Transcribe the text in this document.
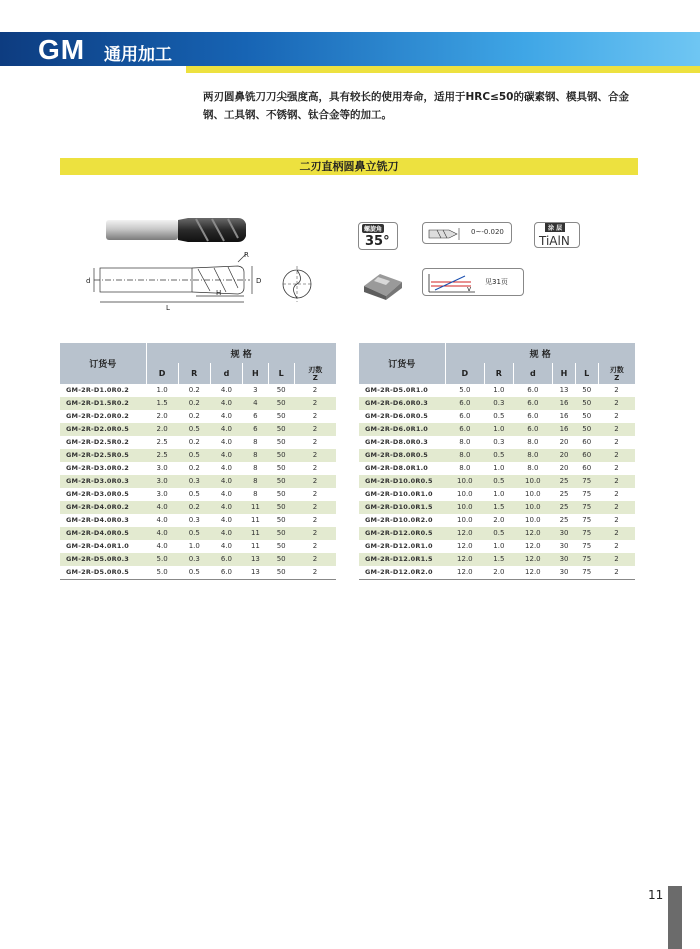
GM 通用加工
两刃圆鼻铣刀刀尖强度高，具有较长的使用寿命，适用于HRC≤50的碳素钢、模具钢、合金钢、工具钢、不锈钢、钛合金等的加工。
二刃直柄圆鼻立铣刀
d
R
D
H
L
螺旋角
35°
0~-0.020	涂 层
TiAlN
v
见31页
订货号	规 格					
	D	R	d	H	L	刃数
Z

GM-2R-D1.0R0.2	1.0	0.2	4.0	3	50	2
GM-2R-D1.5R0.2	1.5	0.2	4.0	4	50	2
GM-2R-D2.0R0.2	2.0	0.2	4.0	6	50	2
GM-2R-D2.0R0.5	2.0	0.5	4.0	6	50	2
GM-2R-D2.5R0.2	2.5	0.2	4.0	8	50	2
GM-2R-D2.5R0.5	2.5	0.5	4.0	8	50	2
GM-2R-D3.0R0.2	3.0	0.2	4.0	8	50	2
GM-2R-D3.0R0.3	3.0	0.3	4.0	8	50	2
GM-2R-D3.0R0.5	3.0	0.5	4.0	8	50	2
GM-2R-D4.0R0.2	4.0	0.2	4.0	11	50	2
GM-2R-D4.0R0.3	4.0	0.3	4.0	11	50	2
GM-2R-D4.0R0.5	4.0	0.5	4.0	11	50	2
GM-2R-D4.0R1.0	4.0	1.0	4.0	11	50	2
GM-2R-D5.0R0.3	5.0	0.3	6.0	13	50	2
GM-2R-D5.0R0.5	5.0	0.5	6.0	13	50	2
订货号	规 格					
	D	R	d	H	L	刃数
Z

GM-2R-D5.0R1.0	5.0	1.0	6.0	13	50	2
GM-2R-D6.0R0.3	6.0	0.3	6.0	16	50	2
GM-2R-D6.0R0.5	6.0	0.5	6.0	16	50	2
GM-2R-D6.0R1.0	6.0	1.0	6.0	16	50	2
GM-2R-D8.0R0.3	8.0	0.3	8.0	20	60	2
GM-2R-D8.0R0.5	8.0	0.5	8.0	20	60	2
GM-2R-D8.0R1.0	8.0	1.0	8.0	20	60	2
GM-2R-D10.0R0.5	10.0	0.5	10.0	25	75	2
GM-2R-D10.0R1.0	10.0	1.0	10.0	25	75	2
GM-2R-D10.0R1.5	10.0	1.5	10.0	25	75	2
GM-2R-D10.0R2.0	10.0	2.0	10.0	25	75	2
GM-2R-D12.0R0.5	12.0	0.5	12.0	30	75	2
GM-2R-D12.0R1.0	12.0	1.0	12.0	30	75	2
GM-2R-D12.0R1.5	12.0	1.5	12.0	30	75	2
GM-2R-D12.0R2.0	12.0	2.0	12.0	30	75	2
11
